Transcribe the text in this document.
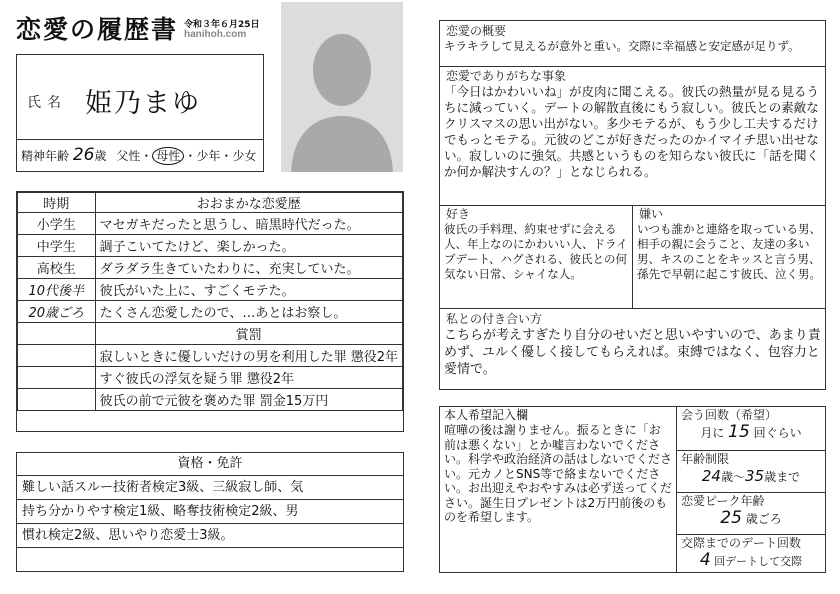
恋愛の履歴書 令和３年６月25日
hanihoh.com
氏名 姫乃まゆ
精神年齢 26歳 父性・ 母性 ・少年・少女
時期	おおまかな恋愛歴
小学生	マセガキだったと思うし、暗黒時代だった。
中学生	調子こいてたけど、楽しかった。
高校生	ダラダラ生きていたわりに、充実していた。
10代後半	彼氏がいた上に、すごくモテた。
20歳ごろ	たくさん恋愛したので、…あとはお察し。
	賞罰
	寂しいときに優しいだけの男を利用した罪 懲役2年
	すぐ彼氏の浮気を疑う罪 懲役2年
	彼氏の前で元彼を褒めた罪 罰金15万円
資格・免許
難しい話スルー技術者検定3級、三級寂し師、気
持ち分かりやす検定1級、略奪技術検定2級、男
慣れ検定2級、思いやり恋愛士3級。
恋愛の概要
キラキラして見えるが意外と重い。交際に幸福感と安定感が足りず。
恋愛でありがちな事象
「今日はかわいいね」が皮肉に聞こえる。彼氏の熱量が見る見るうちに減っていく。デートの解散直後にもう寂しい。彼氏との素敵なクリスマスの思い出がない。多少モテるが、もう少し工夫するだけでもっとモテる。元彼のどこが好きだったのかイマイチ思い出せない。寂しいのに強気。共感というものを知らない彼氏に「話を聞くか何か解決すんの？」となじられる。
好き
彼氏の手料理、約束せずに会える人、年上なのにかわいい人、ドライブデート、ハグされる、彼氏との何気ない日常、シャイな人。
嫌い
いつも誰かと連絡を取っている男、相手の親に会うこと、友達の多い男、キスのことをキッスと言う男、孫先で早朝に起こす彼氏、泣く男。
私との付き合い方
こちらが考えすぎたり自分のせいだと思いやすいので、あまり責めず、ユルく優しく接してもらえれば。束縛ではなく、包容力と愛情で。
本人希望記入欄
喧嘩の後は謝りません。振るときに「お前は悪くない」とか嘘言わないでください。科学や政治経済の話はしないでください。元カノとSNS等で絡まないでください。お出迎えやおやすみは必ず送ってください。誕生日プレゼントは2万円前後のものを希望します。
会う回数（希望）
月に 15 回ぐらい
年齢制限
24歳～35歳まで
恋愛ピーク年齢
25 歳ごろ
交際までのデート回数
4 回デートして交際
